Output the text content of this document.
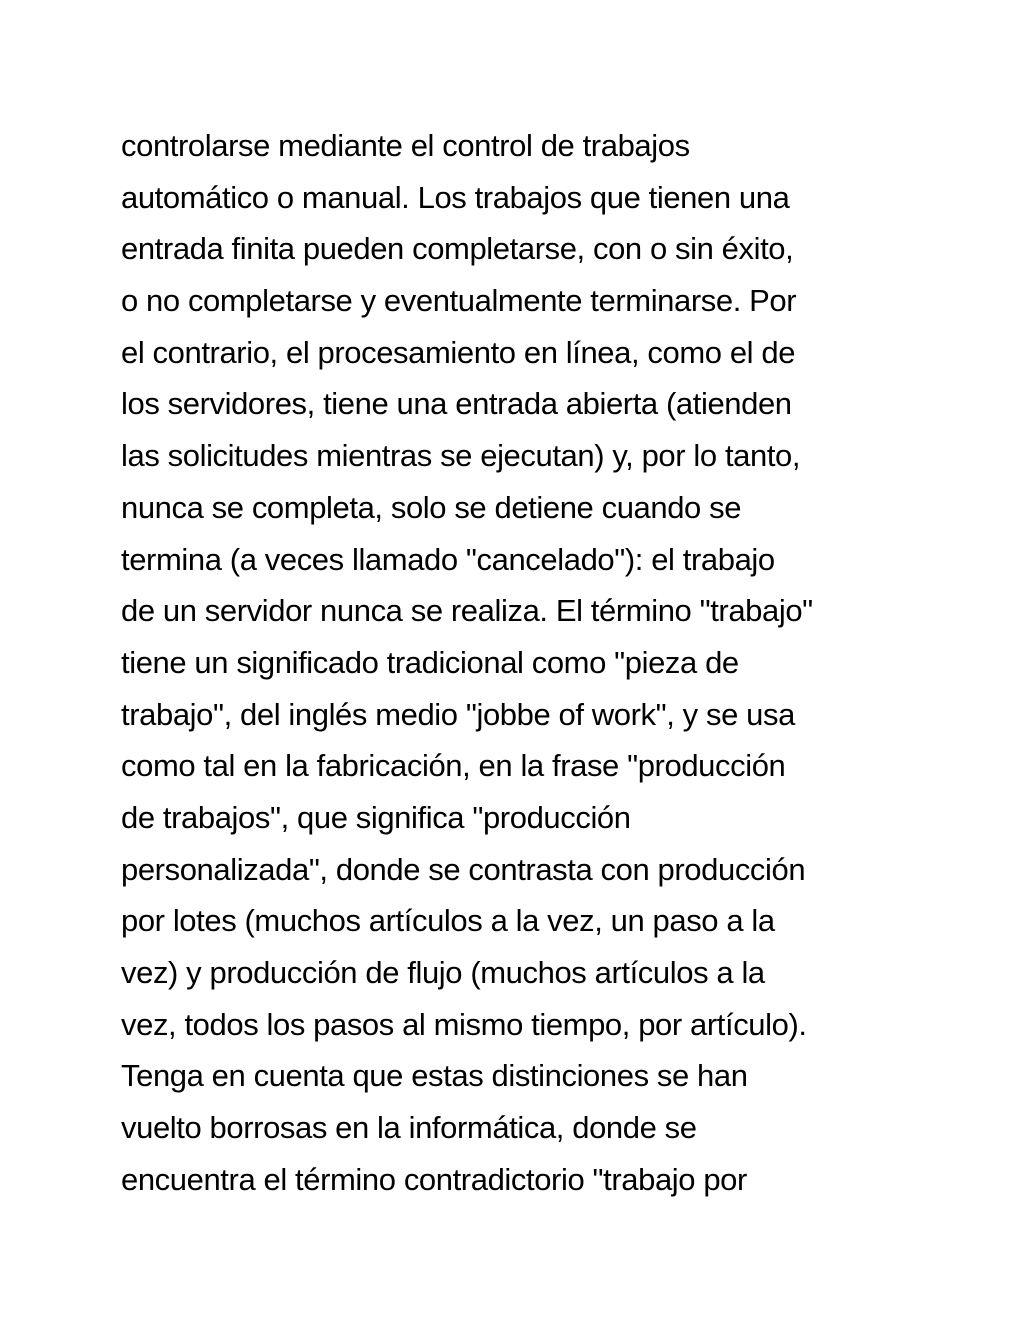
controlarse mediante el control de trabajos
automático o manual. Los trabajos que tienen una
entrada finita pueden completarse, con o sin éxito,
o no completarse y eventualmente terminarse. Por
el contrario, el procesamiento en línea, como el de
los servidores, tiene una entrada abierta (atienden
las solicitudes mientras se ejecutan) y, por lo tanto,
nunca se completa, solo se detiene cuando se
termina (a veces llamado "cancelado"): el trabajo
de un servidor nunca se realiza. El término "trabajo"
tiene un significado tradicional como "pieza de
trabajo", del inglés medio "jobbe of work", y se usa
como tal en la fabricación, en la frase "producción
de trabajos", que significa "producción
personalizada", donde se contrasta con producción
por lotes (muchos artículos a la vez, un paso a la
vez) y producción de flujo (muchos artículos a la
vez, todos los pasos al mismo tiempo, por artículo).
Tenga en cuenta que estas distinciones se han
vuelto borrosas en la informática, donde se
encuentra el término contradictorio "trabajo por
